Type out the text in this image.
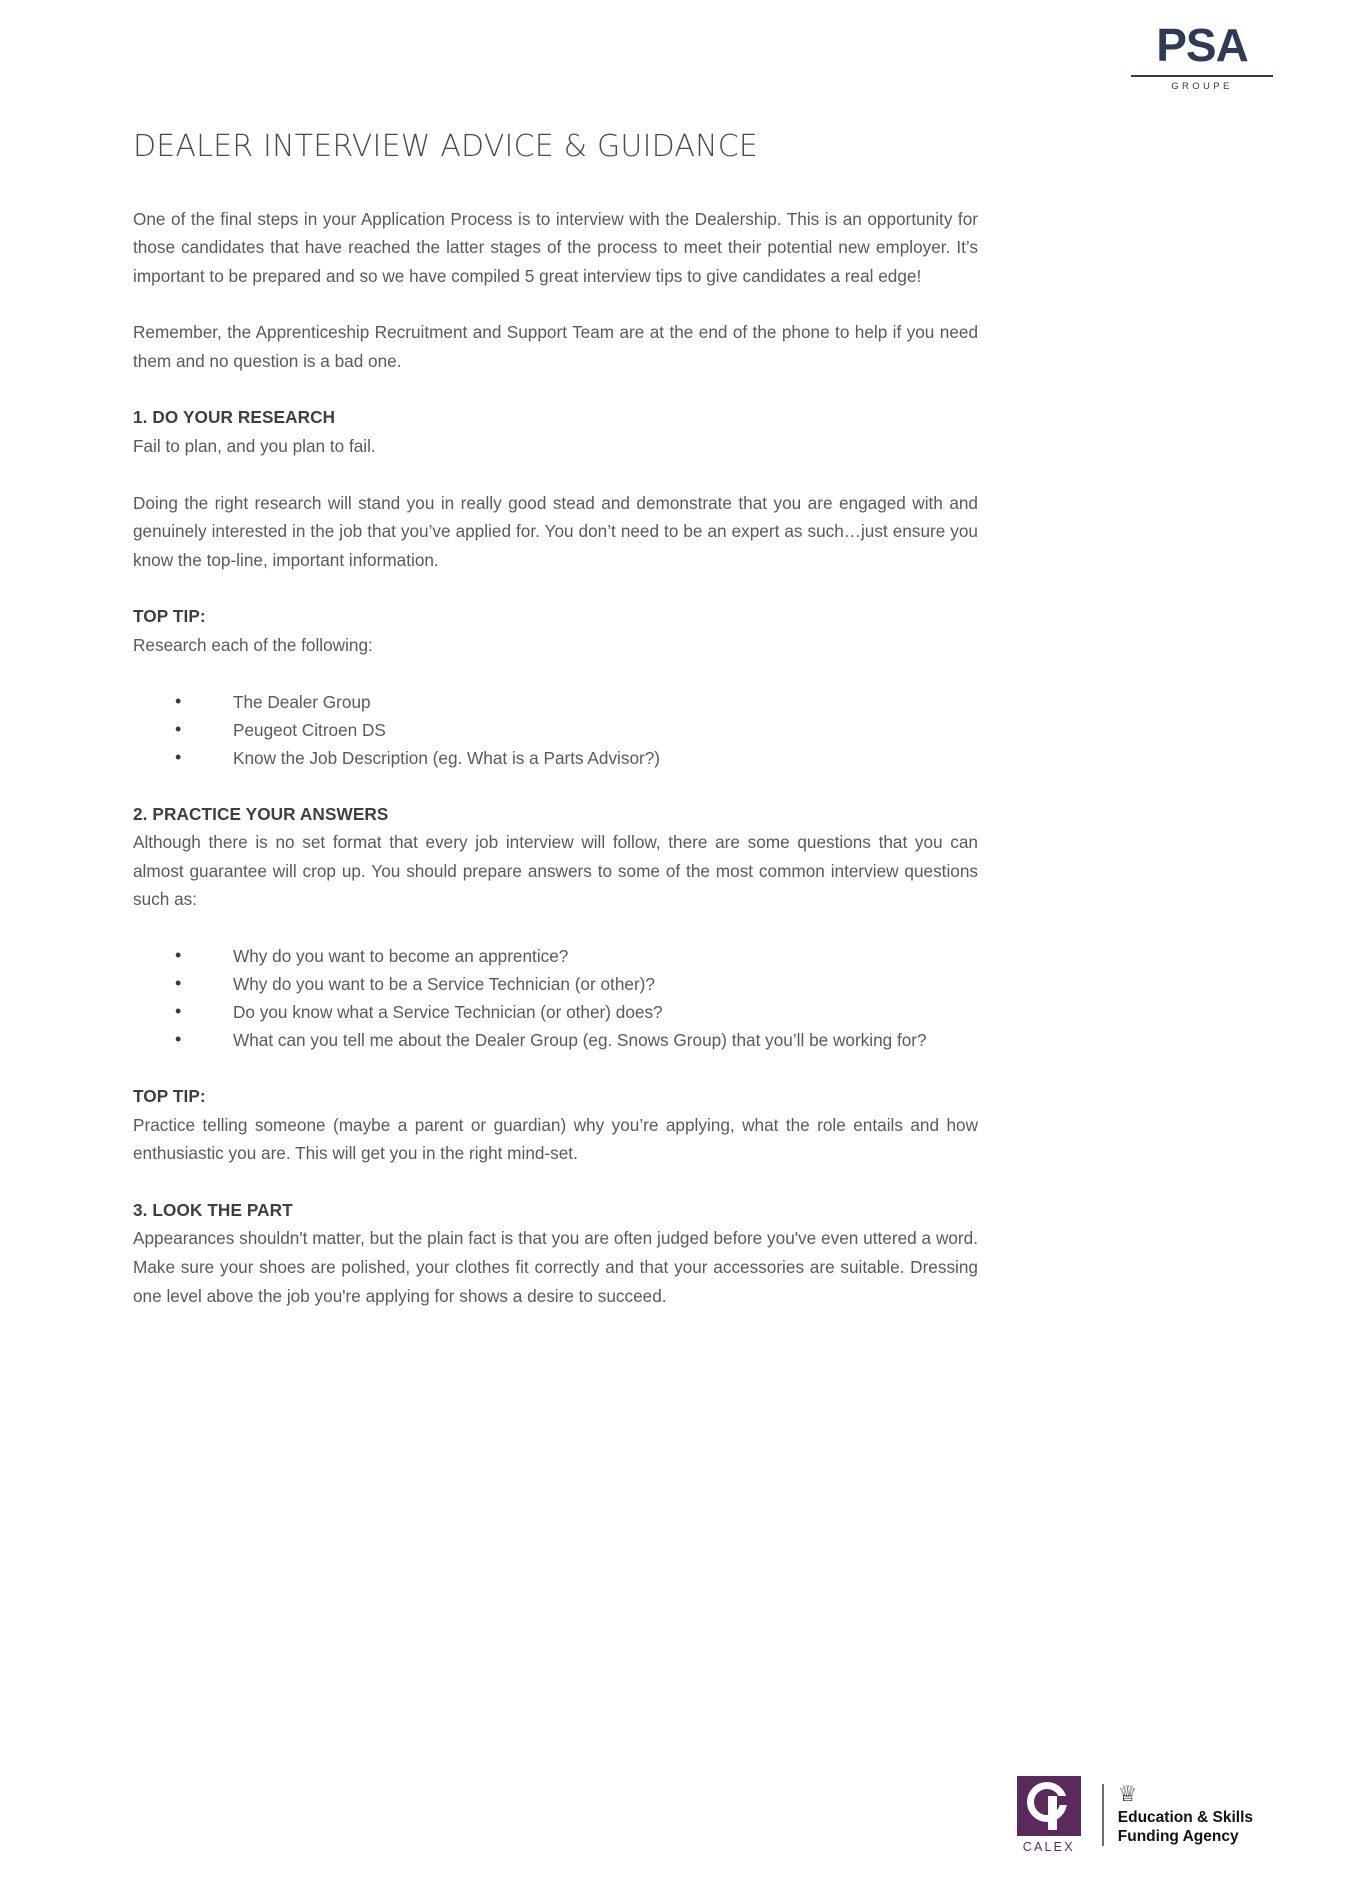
PSA
GROUPE
DEALER INTERVIEW ADVICE & GUIDANCE

One of the final steps in your Application Process is to interview with the Dealership. This is an opportunity for those candidates that have reached the latter stages of the process to meet their potential new employer. It’s important to be prepared and so we have compiled 5 great interview tips to give candidates a real edge!

Remember, the Apprenticeship Recruitment and Support Team are at the end of the phone to help if you need them and no question is a bad one.

1. DO YOUR RESEARCH

Fail to plan, and you plan to fail.

Doing the right research will stand you in really good stead and demonstrate that you are engaged with and genuinely interested in the job that you’ve applied for. You don’t need to be an expert as such…just ensure you know the top-line, important information.

TOP TIP:

Research each of the following:

• The Dealer Group
• Peugeot Citroen DS
• Know the Job Description (eg. What is a Parts Advisor?)
2. PRACTICE YOUR ANSWERS

Although there is no set format that every job interview will follow, there are some questions that you can almost guarantee will crop up. You should prepare answers to some of the most common interview questions such as:

• Why do you want to become an apprentice?
• Why do you want to be a Service Technician (or other)?
• Do you know what a Service Technician (or other) does?
• What can you tell me about the Dealer Group (eg. Snows Group) that you’ll be working for?
TOP TIP:

Practice telling someone (maybe a parent or guardian) why you’re applying, what the role entails and how enthusiastic you are. This will get you in the right mind-set.

3. LOOK THE PART

Appearances shouldn't matter, but the plain fact is that you are often judged before you've even uttered a word. Make sure your shoes are polished, your clothes fit correctly and that your accessories are suitable. Dressing one level above the job you're applying for shows a desire to succeed.

CALEX
♕
Education & Skills
Funding Agency
